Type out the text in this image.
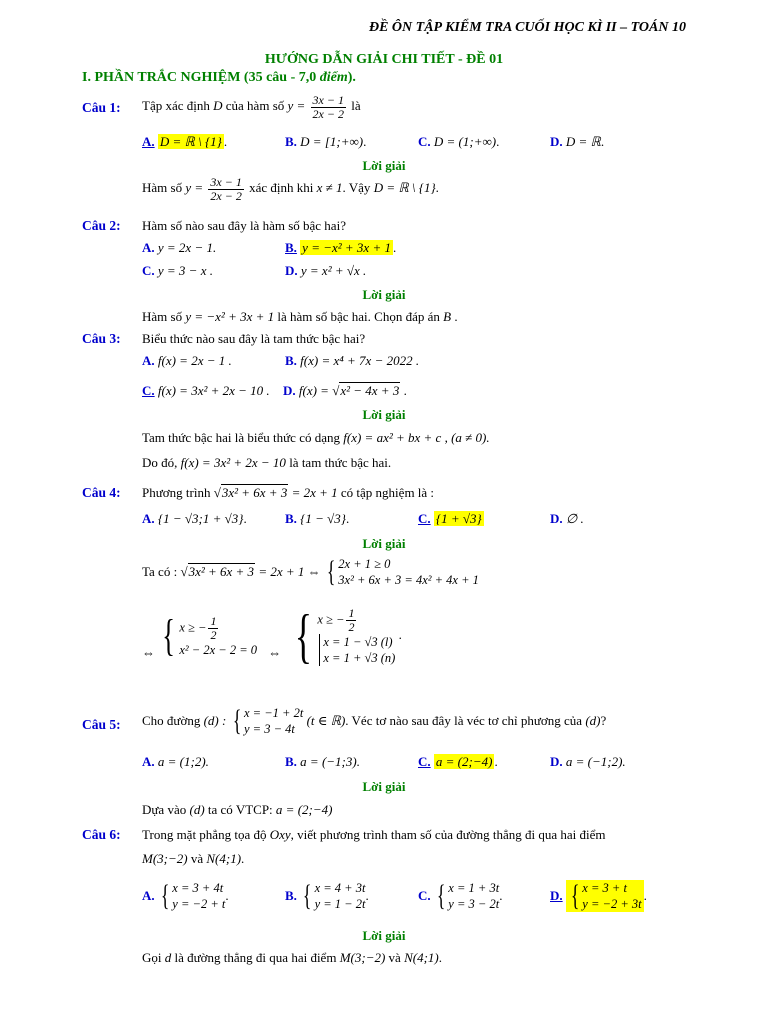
ĐỀ ÔN TẬP KIỂM TRA CUỐI HỌC KÌ II – TOÁN 10
HƯỚNG DẪN GIẢI CHI TIẾT - ĐỀ 01
I. PHẦN TRẮC NGHIỆM (35 câu - 7,0 điểm).
Câu 1: Tập xác định D của hàm số $y = \frac{3x - 1}{2x - 2}$ là
A. D = ℝ \ {1} .	B. D = [1;+∞).	C. D = (1;+∞).	D. D = ℝ.
Lời giải
Hàm số $y = \frac{3x - 1}{2x - 2}$ xác định khi x ≠ 1. Vậy D = ℝ \ {1}.
Câu 2: Hàm số nào sau đây là hàm số bậc hai?
A. y = 2x − 1.	B. y = −x² + 3x + 1 .
C. y = 3 − x .	D. y = x² + √x .
Lời giải
Hàm số y = −x² + 3x + 1 là hàm số bậc hai. Chọn đáp án B .
Câu 3: Biểu thức nào sau đây là tam thức bậc hai?
A. f(x) = 2x − 1 .	B. f(x) = x⁴ + 7x − 2022 .
C. f(x) = 3x² + 2x − 10 . D. f(x) = √x² − 4x + 3 .
Lời giải
Tam thức bậc hai là biểu thức có dạng f(x) = ax² + bx + c , (a ≠ 0).
Do đó, f(x) = 3x² + 2x − 10 là tam thức bậc hai.
Câu 4: Phương trình √3x² + 6x + 3 = 2x + 1 có tập nghiệm là :
A. {1 − √3;1 + √3}.	B. {1 − √3}.	C. {1 + √3}	D. ∅ .
Lời giải
Ta có : √3x² + 6x + 3 = 2x + 1 ⇔ { 2x + 1 ≥ 0
3x² + 6x + 3 = 4x² + 4x + 1
⇔ { x ≥ − $\frac{1}{2}$
x² − 2x − 2 = 0 ⇔ { x ≥ − $\frac{1}{2}$
x = 1 − √3 (l)
x = 1 + √3 (n)
.
Câu 5: Cho đường (d) : { x = −1 + 2t
y = 3 − 4t
(t ∈ ℝ). Véc tơ nào sau đây là véc tơ chỉ phương của (d)?
A. a = (1;2).	B. a = (−1;3).	C. a = (2;−4) .	D. a = (−1;2).
Lời giải
Dựa vào (d) ta có VTCP: a = (2;−4)
Câu 6: Trong mặt phẳng tọa độ Oxy, viết phương trình tham số của đường thẳng đi qua hai điểm
M(3;−2) và N(4;1).
A. { x = 3 + 4t
y = −2 + t
.	B. { x = 4 + 3t
y = 1 − 2t
.	C. { x = 1 + 3t
y = 3 − 2t
.	D. { x = 3 + t
y = −2 + 3t
.
Lời giải
Gọi d là đường thẳng đi qua hai điểm M(3;−2) và N(4;1).
